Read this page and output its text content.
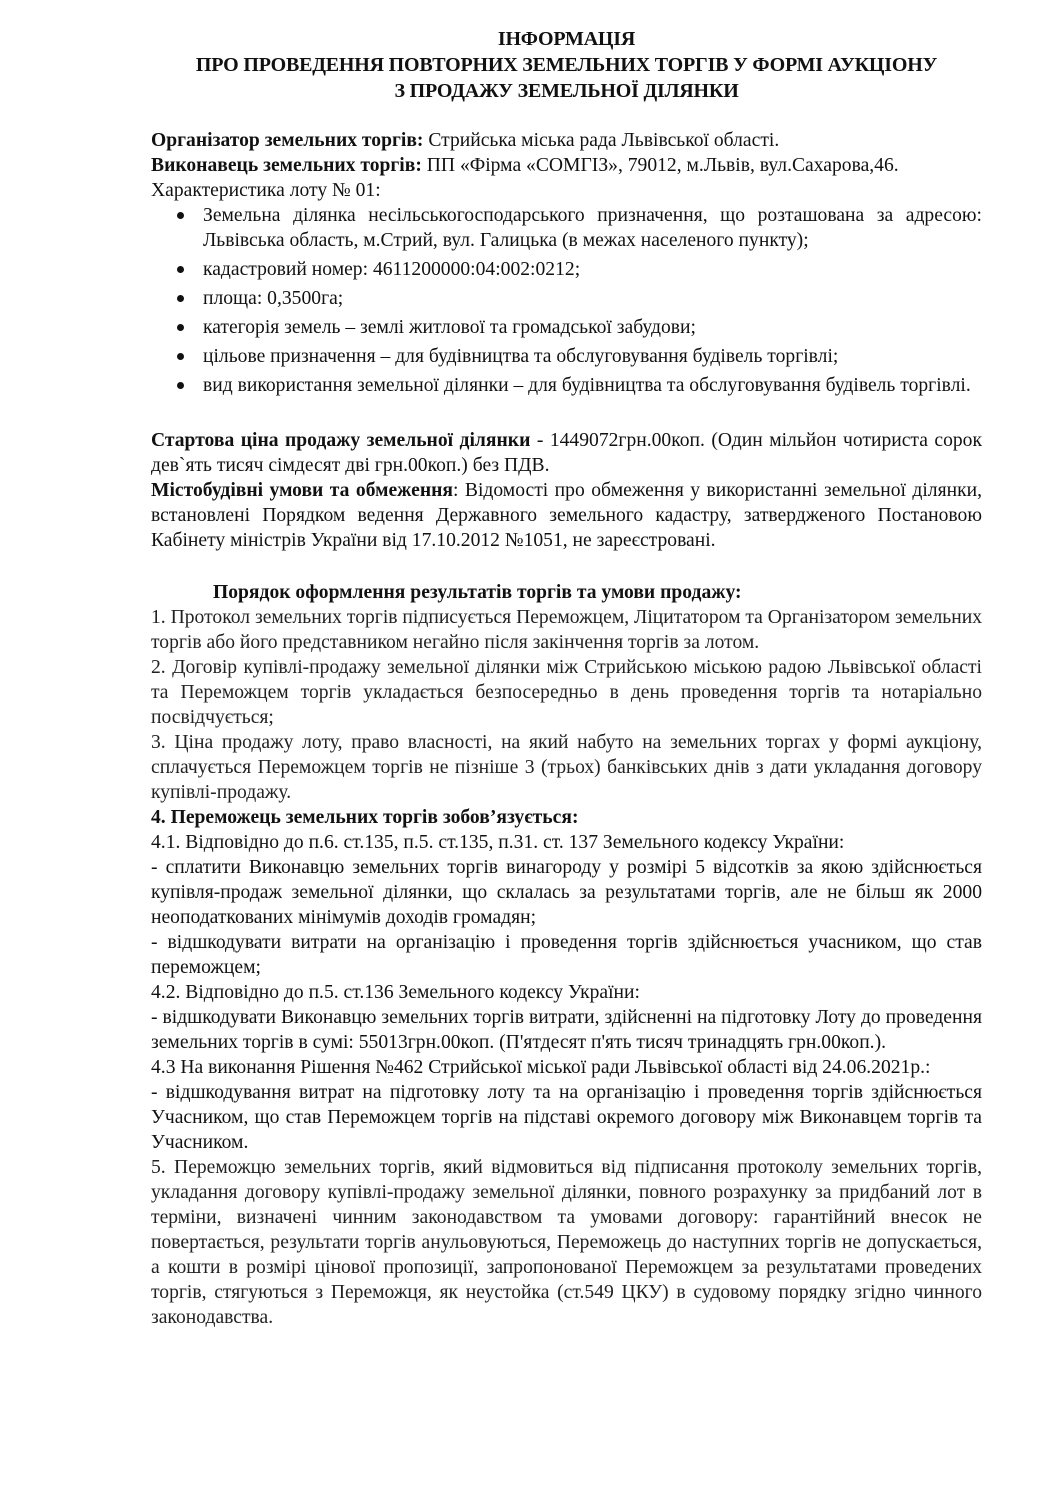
ІНФОРМАЦІЯ
ПРО ПРОВЕДЕННЯ ПОВТОРНИХ ЗЕМЕЛЬНИХ ТОРГІВ У ФОРМІ АУКЦІОНУ
З ПРОДАЖУ ЗЕМЕЛЬНОЇ ДІЛЯНКИ
Організатор земельних торгів: Стрийська міська рада Львівської області.
Виконавець земельних торгів: ПП «Фірма «СОМГІЗ», 79012, м.Львів, вул.Сахарова,46.
Характеристика лоту № 01:
Земельна ділянка несільськогосподарського призначення, що розташована за адресою: Львівська область, м.Стрий, вул. Галицька (в межах населеного пункту);
кадастровий номер: 4611200000:04:002:0212;
площа: 0,3500га;
категорія земель – землі житлової та громадської забудови;
цільове призначення – для будівництва та обслуговування будівель торгівлі;
вид використання земельної ділянки – для будівництва та обслуговування будівель торгівлі.
Стартова ціна продажу земельної ділянки - 1449072грн.00коп. (Один мільйон чотириста сорок дев`ять тисяч сімдесят дві грн.00коп.) без ПДВ.
Містобудівні умови та обмеження: Відомості про обмеження у використанні земельної ділянки, встановлені Порядком ведення Державного земельного кадастру, затвердженого Постановою Кабінету міністрів України від 17.10.2012 №1051, не зареєстровані.
Порядок оформлення результатів торгів та умови продажу:
1. Протокол земельних торгів підписується Переможцем, Ліцитатором та Організатором земельних торгів або його представником негайно після закінчення торгів за лотом.
2. Договір купівлі-продажу земельної ділянки між Стрийською міською радою Львівської області та Переможцем торгів укладається безпосередньо в день проведення торгів та нотаріально посвідчується;
3. Ціна продажу лоту, право власності, на який набуто на земельних торгах у формі аукціону, сплачується Переможцем торгів не пізніше 3 (трьох) банківських днів з дати укладання договору купівлі-продажу.
4. Переможець земельних торгів зобов’язується:
4.1. Відповідно до п.6. ст.135, п.5. ст.135, п.31. ст. 137 Земельного кодексу України:
- сплатити Виконавцю земельних торгів винагороду у розмірі 5 відсотків за якою здійснюється купівля-продаж земельної ділянки, що склалась за результатами торгів, але не більш як 2000 неоподаткованих мінімумів доходів громадян;
- відшкодувати витрати на організацію і проведення торгів здійснюється учасником, що став переможцем;
4.2. Відповідно до п.5. ст.136 Земельного кодексу України:
- відшкодувати Виконавцю земельних торгів витрати, здійсненні на підготовку Лоту до проведення земельних торгів в сумі: 55013грн.00коп. (П'ятдесят п'ять тисяч тринадцять грн.00коп.).
4.3 На виконання Рішення №462 Стрийської міської ради Львівської області від 24.06.2021р.:
- відшкодування витрат на підготовку лоту та на організацію і проведення торгів здійснюється Учасником, що став Переможцем торгів на підставі окремого договору між Виконавцем торгів та Учасником.
5. Переможцю земельних торгів, який відмовиться від підписання протоколу земельних торгів, укладання договору купівлі-продажу земельної ділянки, повного розрахунку за придбаний лот в терміни, визначені чинним законодавством та умовами договору: гарантійний внесок не повертається, результати торгів анульовуються, Переможець до наступних торгів не допускається, а кошти в розмірі цінової пропозиції, запропонованої Переможцем за результатами проведених торгів, стягуються з Переможця, як неустойка (ст.549 ЦКУ) в судовому порядку згідно чинного законодавства.
